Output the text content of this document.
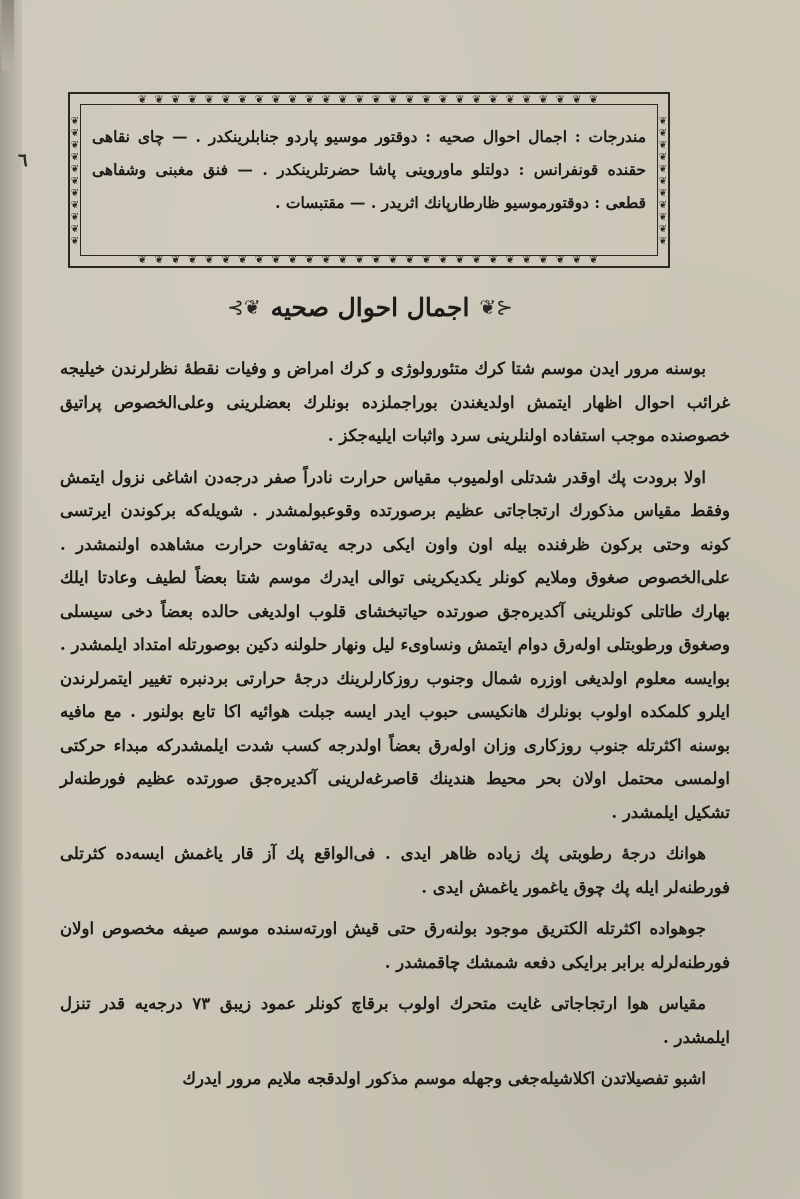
٦
❦ ❦ ❦ ❦ ❦ ❦ ❦ ❦ ❦ ❦ ❦ ❦ ❦ ❦ ❦ ❦ ❦ ❦ ❦ ❦ ❦ ❦ ❦ ❦ ❦ ❦ ❦ ❦
❦ ❦ ❦ ❦ ❦ ❦ ❦ ❦ ❦ ❦ ❦ ❦ ❦ ❦ ❦ ❦ ❦ ❦ ❦ ❦ ❦ ❦ ❦ ❦ ❦ ❦ ❦ ❦
❦❦❦❦❦❦❦❦❦❦❦
❦❦❦❦❦❦❦❦❦❦❦
مندرجات : اجمال احوال صحیه : دوقتور موسیو پاردو جنابلرینکدر . — چای نقاهی حقنده قونفرانس : دولتلو ماوروینی پاشا حضرتلرینکدر . — فنق مغبنی وشفاهی قطعی : دوقتورموسیو ظارطارپانك اثریدر . — مقتبسات .
⊰❦ اجمال احوال صحیه ❦⊱

بوسنه مرور ایدن موسم شتا کرك متئورولوژی و کرك امراض و وفیات نقطهٔ نظرلرندن خیلیجه غرائب احوال اظهار ایتمش اولدیغندن بوراجملزده بونلرك بعضلرینی وعلی‌الخصوص پراتیق خصوصنده موجب استفاده اولنلرینی سرد واثبات ایلیه‌جکز .

اولا برودت پك اوقدر شدتلی اولمیوب مقیاس حرارت نادراً صفر درجه‌دن اشاغی نزول ایتمش وفقط مقیاس مذکورك ارتجاجاتی عظیم برصورتده وقوعبولمشدر . شویله‌که برکوندن ایرتسی کونه وحتی برکون ظرفنده بیله اون واون ایکی درجه یه‌تفاوت حرارت مشاهده اولنمشدر . علی‌الخصوص صغوق وملایم کونلر یکدیکرینی توالی ایدرك موسم شتا بعضاً لطیف وعادتا ایلك بهارك طاتلی کونلرینی آکدیره‌جق صورتده حیاتبخشای قلوب اولدیغی حالده بعضاً دخی سیسلی وصغوق ورطوبتلی اوله‌رق دوام ایتمش ونساویء لیل ونهار حلولنه دکین بوصورتله امتداد ایلمشدر . بوایسه معلوم اولدیغی اوزره شمال وجنوب روزکارلرینك درجهٔ حرارتی بردنبره تغییر ایتمرلرندن ایلرو کلمکده اولوب بونلرك هانکیسی حبوب ایدر ایسه جبلت هوائیه اکا تابع بولنور . مع مافیه بوسنه اکثرتله جنوب روزکاری وزان اوله‌رق بعضاً اولدرجه کسب شدت ایلمشدرکه مبداء حرکتی اولمسی محتمل اولان بحر محیط هندینك قاصرغه‌لرینی آکدیره‌جق صورتده عظیم فورطنه‌لر تشکیل ایلمشدر .

هوانك درجهٔ رطوبتی پك زیاده ظاهر ایدی . فی‌الواقع پك آز قار یاغمش ایسه‌ده کثرتلی فورطنه‌لر ایله پك چوق یاغمور یاغمش ایدی .

جوهواده اکثرتله الکتریق موجود بولنه‌رق حتی قیش اورته‌سنده موسم صیفه مخصوص اولان فورطنه‌لرله برابر برایکی دفعه شمشك چاقمشدر .

مقیاس هوا ارتجاجاتی غایت متحرك اولوب برقاچ کونلر عمود زیبق ٧٣ درجه‌یه قدر تنزل ایلمشدر .

اشبو تفصیلاتدن اکلاشیله‌جغی وجهله موسم مذکور اولدقجه ملایم مرور ایدرك
